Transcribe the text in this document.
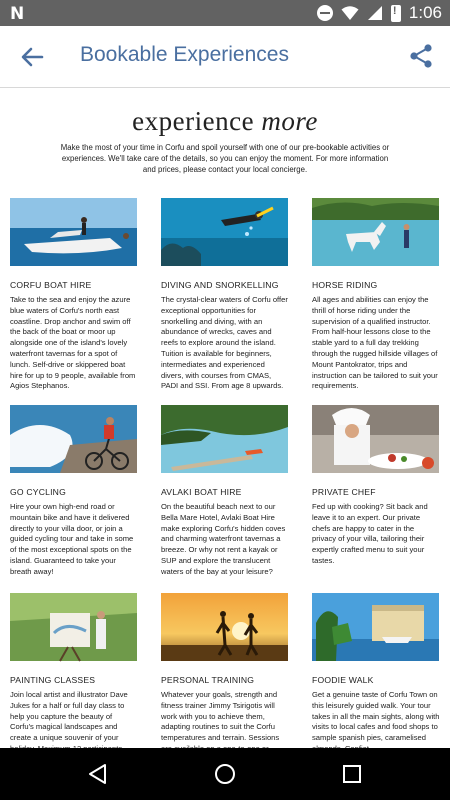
N
!	1:06
Bookable Experiences
experience more
Make the most of your time in Corfu and spoil yourself with one of our pre-bookable activities or experiences. We'll take care of the details, so you can enjoy the moment. For more information and prices, please contact your local concierge.
CORFU BOAT HIRE
Take to the sea and enjoy the azure blue waters of Corfu's north east coastline. Drop anchor and swim off the back of the boat or moor up alongside one of the island's lovely waterfront tavernas for a spot of lunch. Self-drive or skippered boat hire for up to 9 people, available from Agios Stephanos.
DIVING AND SNORKELLING
The crystal-clear waters of Corfu offer exceptional opportunities for snorkelling and diving, with an abundance of wrecks, caves and reefs to explore around the island. Tuition is available for beginners, intermediates and experienced divers, with courses from CMAS, PADI and SSI. From age 8 upwards.
HORSE RIDING
All ages and abilities can enjoy the thrill of horse riding under the supervision of a qualified instructor. From half-hour lessons close to the stable yard to a full day trekking through the rugged hillside villages of Mount Pantokrator, trips and instruction can be tailored to suit your requirements.
GO CYCLING
Hire your own high-end road or mountain bike and have it delivered directly to your villa door, or join a guided cycling tour and take in some of the most exceptional spots on the island. Guaranteed to take your breath away!
AVLAKI BOAT HIRE
On the beautiful beach next to our Bella Mare Hotel, Avlaki Boat Hire make exploring Corfu's hidden coves and charming waterfront tavernas a breeze. Or why not rent a kayak or SUP and explore the translucent waters of the bay at your leisure?
PRIVATE CHEF
Fed up with cooking? Sit back and leave it to an expert. Our private chefs are happy to cater in the privacy of your villa, tailoring their expertly crafted menu to suit your tastes.
PAINTING CLASSES
Join local artist and illustrator Dave Jukes for a half or full day class to help you capture the beauty of Corfu's magical landscapes and create a unique souvenir of your
PERSONAL TRAINING
Whatever your goals, strength and fitness trainer Jimmy Tsirigotis will work with you to achieve them, adapting routines to suit the Corfu temperatures and terrain. Sessions
FOODIE WALK
Get a genuine taste of Corfu Town on this leisurely guided walk. Your tour takes in all the main sights, along with visits to local cafes and food shops to sample spanish pies, caramelised
